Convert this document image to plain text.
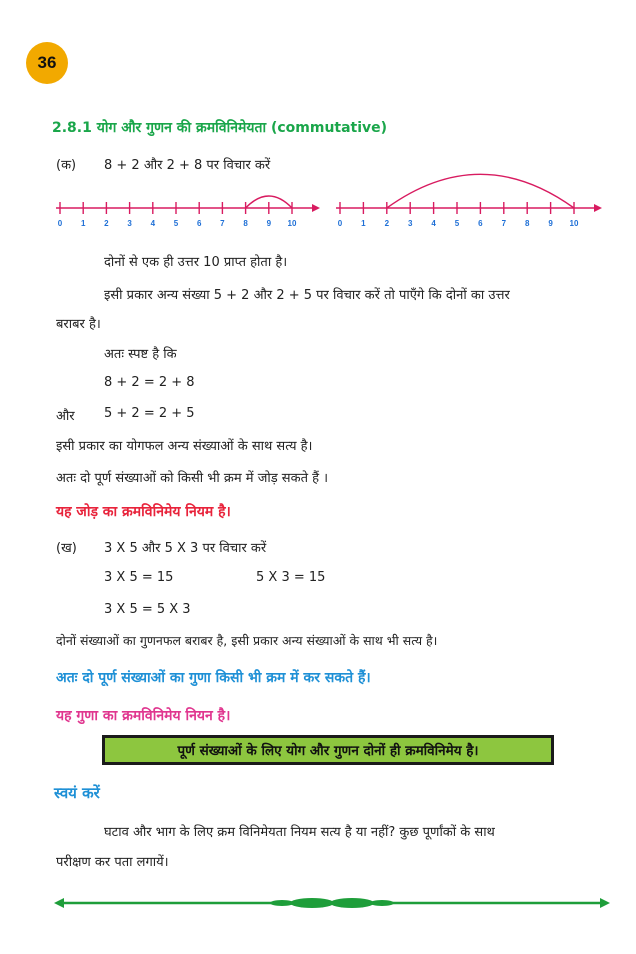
36
2.8.1 योग और गुणन की क्रमविनिमेयता (commutative)
(क) 8 + 2 और 2 + 8 पर विचार करें
0 1 2 3 4 5 6 7 8 9 10	0 1 2 3 4 5 6 7 8 9 10
दोनों से एक ही उत्तर 10 प्राप्त होता है।
इसी प्रकार अन्य संख्या 5 + 2 और 2 + 5 पर विचार करें तो पाएँगे कि दोनों का उत्तर
बराबर है।
अतः स्पष्ट है कि
8 + 2 = 2 + 8
और 5 + 2 = 2 + 5
इसी प्रकार का योगफल अन्य संख्याओं के साथ सत्य है।
अतः दो पूर्ण संख्याओं को किसी भी क्रम में जोड़ सकते हैं ।
यह जोड़ का क्रमविनिमेय नियम है।
(ख) 3 X 5 और 5 X 3 पर विचार करें
3 X 5 = 15	5 X 3 = 15
3 X 5 = 5 X 3
दोनों संख्याओं का गुणनफल बराबर है, इसी प्रकार अन्य संख्याओं के साथ भी सत्य है।
अतः दो पूर्ण संख्याओं का गुणा किसी भी क्रम में कर सकते हैं।
यह गुणा का क्रमविनिमेय नियन है।
पूर्ण संख्याओं के लिए योग और गुणन दोनों ही क्रमविनिमेय है।
स्वयं करें
घटाव और भाग के लिए क्रम विनिमेयता नियम सत्य है या नहीं? कुछ पूर्णांकों के साथ
परीक्षण कर पता लगायें।
